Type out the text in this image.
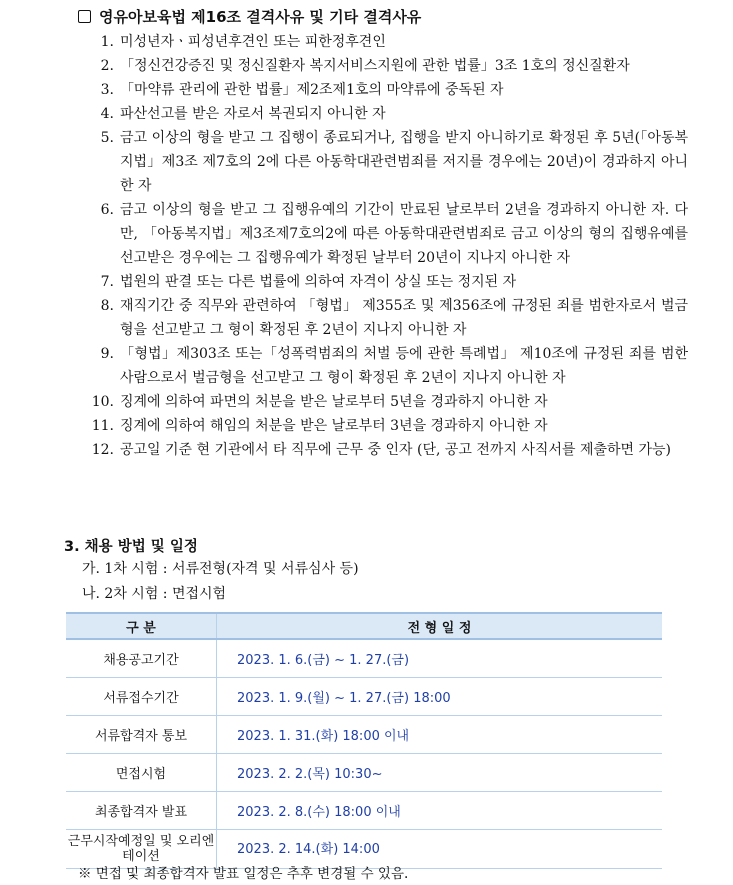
영유아보육법 제16조 결격사유 및 기타 결격사유
1. 미성년자ㆍ피성년후견인 또는 피한정후견인
2. 「정신건강증진 및 정신질환자 복지서비스지원에 관한 법률」3조 1호의 정신질환자
3. 「마약류 관리에 관한 법률」제2조제1호의 마약류에 중독된 자
4. 파산선고를 받은 자로서 복권되지 아니한 자
5. 금고 이상의 형을 받고 그 집행이 종료되거나, 집행을 받지 아니하기로 확정된 후 5년(「아동복지법」제3조 제7호의 2에 다른 아동학대관련범죄를 저지를 경우에는 20년)이 경과하지 아니한 자
6. 금고 이상의 형을 받고 그 집행유예의 기간이 만료된 날로부터 2년을 경과하지 아니한 자. 다만, 「아동복지법」제3조제7호의2에 따른 아동학대관련범죄로 금고 이상의 형의 집행유예를 선고받은 경우에는 그 집행유예가 확정된 날부터 20년이 지나지 아니한 자
7. 법원의 판결 또는 다른 법률에 의하여 자격이 상실 또는 정지된 자
8. 재직기간 중 직무와 관련하여 「형법」 제355조 및 제356조에 규정된 죄를 범한자로서 벌금형을 선고받고 그 형이 확정된 후 2년이 지나지 아니한 자
9. 「형법」제303조 또는「성폭력범죄의 처벌 등에 관한 특례법」 제10조에 규정된 죄를 범한 사람으로서 벌금형을 선고받고 그 형이 확정된 후 2년이 지나지 아니한 자
10. 징계에 의하여 파면의 처분을 받은 날로부터 5년을 경과하지 아니한 자
11. 징계에 의하여 해임의 처분을 받은 날로부터 3년을 경과하지 아니한 자
12. 공고일 기준 현 기관에서 타 직무에 근무 중 인자 (단, 공고 전까지 사직서를 제출하면 가능)
3. 채용 방법 및 일정
가. 1차 시험 : 서류전형(자격 및 서류심사 등)
나. 2차 시험 : 면접시험
구 분	전 형 일 정
채용공고기간	2023. 1. 6.(금) ~ 1. 27.(금)
서류접수기간	2023. 1. 9.(월) ~ 1. 27.(금) 18:00
서류합격자 통보	2023. 1. 31.(화) 18:00 이내
면접시험	2023. 2. 2.(목) 10:30~
최종합격자 발표	2023. 2. 8.(수) 18:00 이내
근무시작예정일 및 오리엔테이션	2023. 2. 14.(화) 14:00
※ 면접 및 최종합격자 발표 일정은 추후 변경될 수 있음.
